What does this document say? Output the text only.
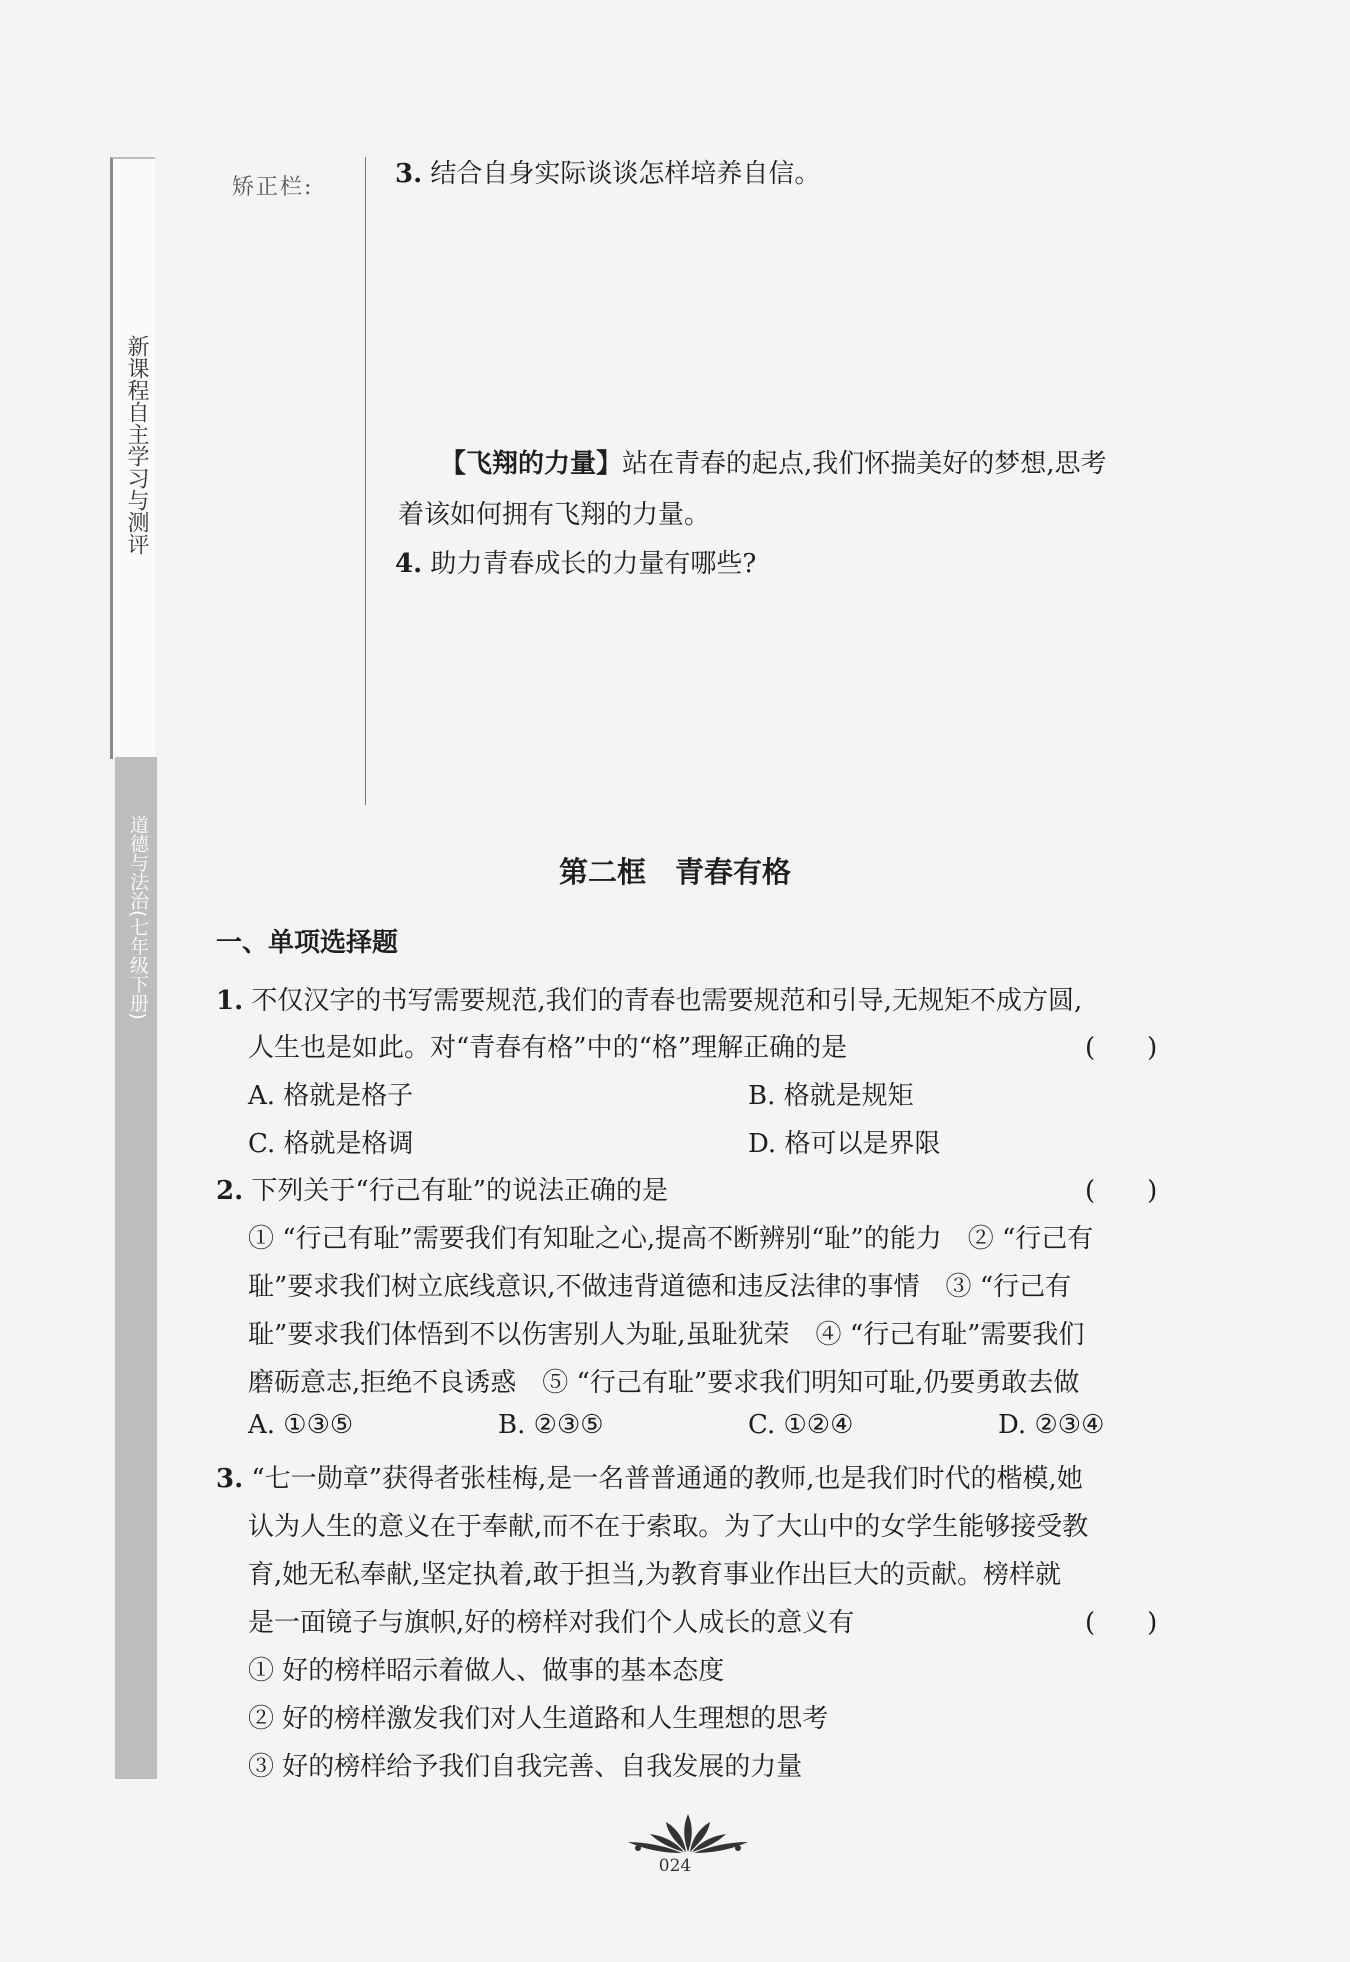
新课程自主学习与测评
道德与法治(七年级下册)
矫正栏:	3. 结合自身实际谈谈怎样培养自信。
【飞翔的力量】站在青春的起点,我们怀揣美好的梦想,思考
着该如何拥有飞翔的力量。
4. 助力青春成长的力量有哪些?
第二框　青春有格
一、单项选择题
1. 不仅汉字的书写需要规范,我们的青春也需要规范和引导,无规矩不成方圆,
人生也是如此。对“青春有格”中的“格”理解正确的是	(　　)
A. 格就是格子	B. 格就是规矩
C. 格就是格调	D. 格可以是界限
2. 下列关于“行己有耻”的说法正确的是	(　　)
① “行己有耻”需要我们有知耻之心,提高不断辨别“耻”的能力　② “行己有
耻”要求我们树立底线意识,不做违背道德和违反法律的事情　③ “行己有
耻”要求我们体悟到不以伤害别人为耻,虽耻犹荣　④ “行己有耻”需要我们
磨砺意志,拒绝不良诱惑　⑤ “行己有耻”要求我们明知可耻,仍要勇敢去做
A. ①③⑤	B. ②③⑤	C. ①②④	D. ②③④
3. “七一勋章”获得者张桂梅,是一名普普通通的教师,也是我们时代的楷模,她
认为人生的意义在于奉献,而不在于索取。为了大山中的女学生能够接受教
育,她无私奉献,坚定执着,敢于担当,为教育事业作出巨大的贡献。榜样就
是一面镜子与旗帜,好的榜样对我们个人成长的意义有	(　　)
① 好的榜样昭示着做人、做事的基本态度
② 好的榜样激发我们对人生道路和人生理想的思考
③ 好的榜样给予我们自我完善、自我发展的力量
024
